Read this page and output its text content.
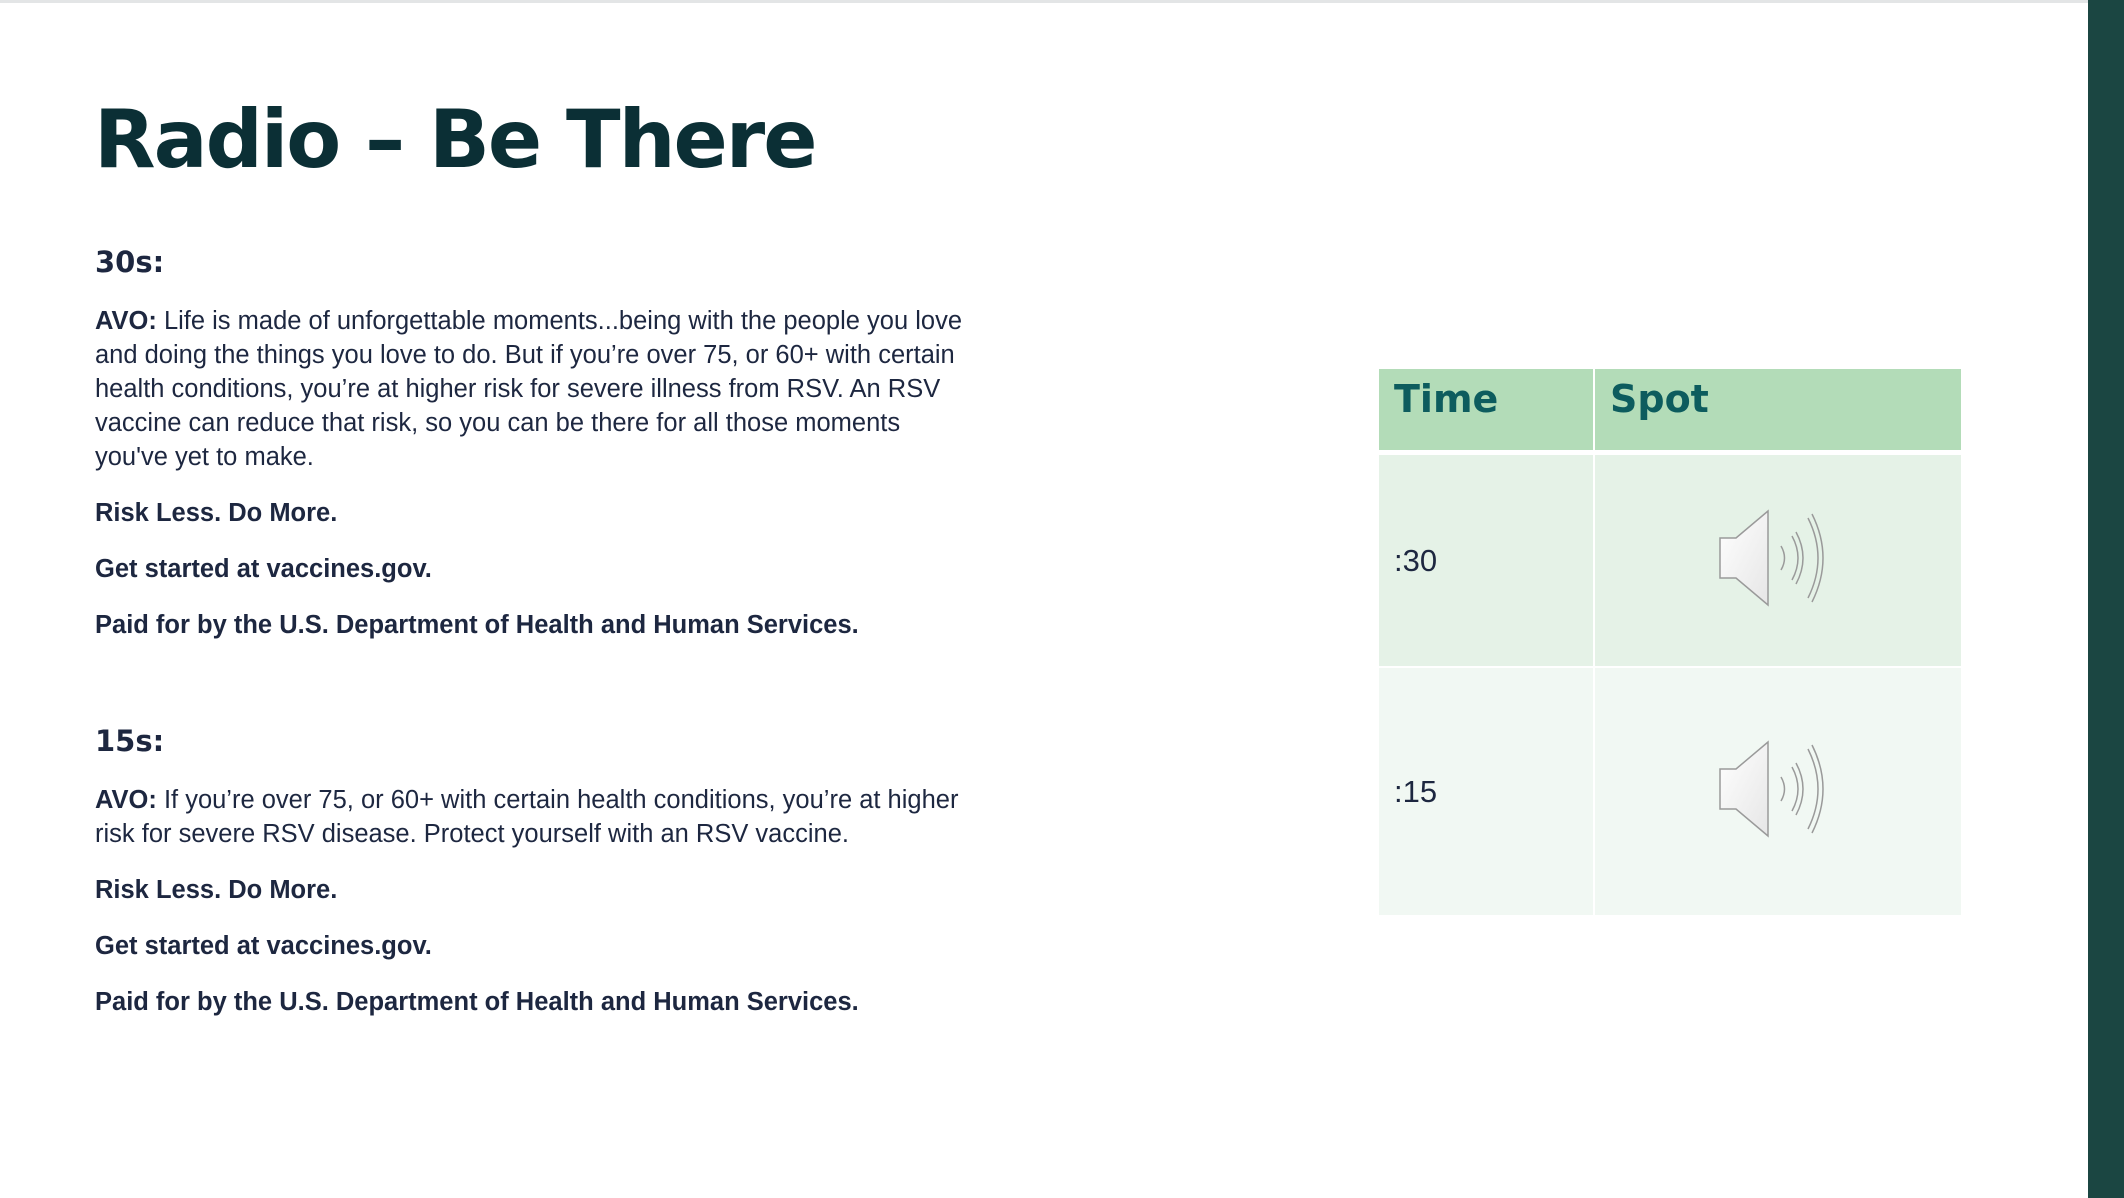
Radio – Be There
30s:

AVO: Life is made of unforgettable moments...being with the people you love and doing the things you love to do. But if you’re over 75, or 60+ with certain health conditions, you’re at higher risk for severe illness from RSV. An RSV vaccine can reduce that risk, so you can be there for all those moments you've yet to make.

Risk Less. Do More.

Get started at vaccines.gov.

Paid for by the U.S. Department of Health and Human Services.

15s:

AVO: If you’re over 75, or 60+ with certain health conditions, you’re at higher risk for severe RSV disease. Protect yourself with an RSV vaccine.

Risk Less. Do More.

Get started at vaccines.gov.

Paid for by the U.S. Department of Health and Human Services.

Time	Spot
:30	
:15	
